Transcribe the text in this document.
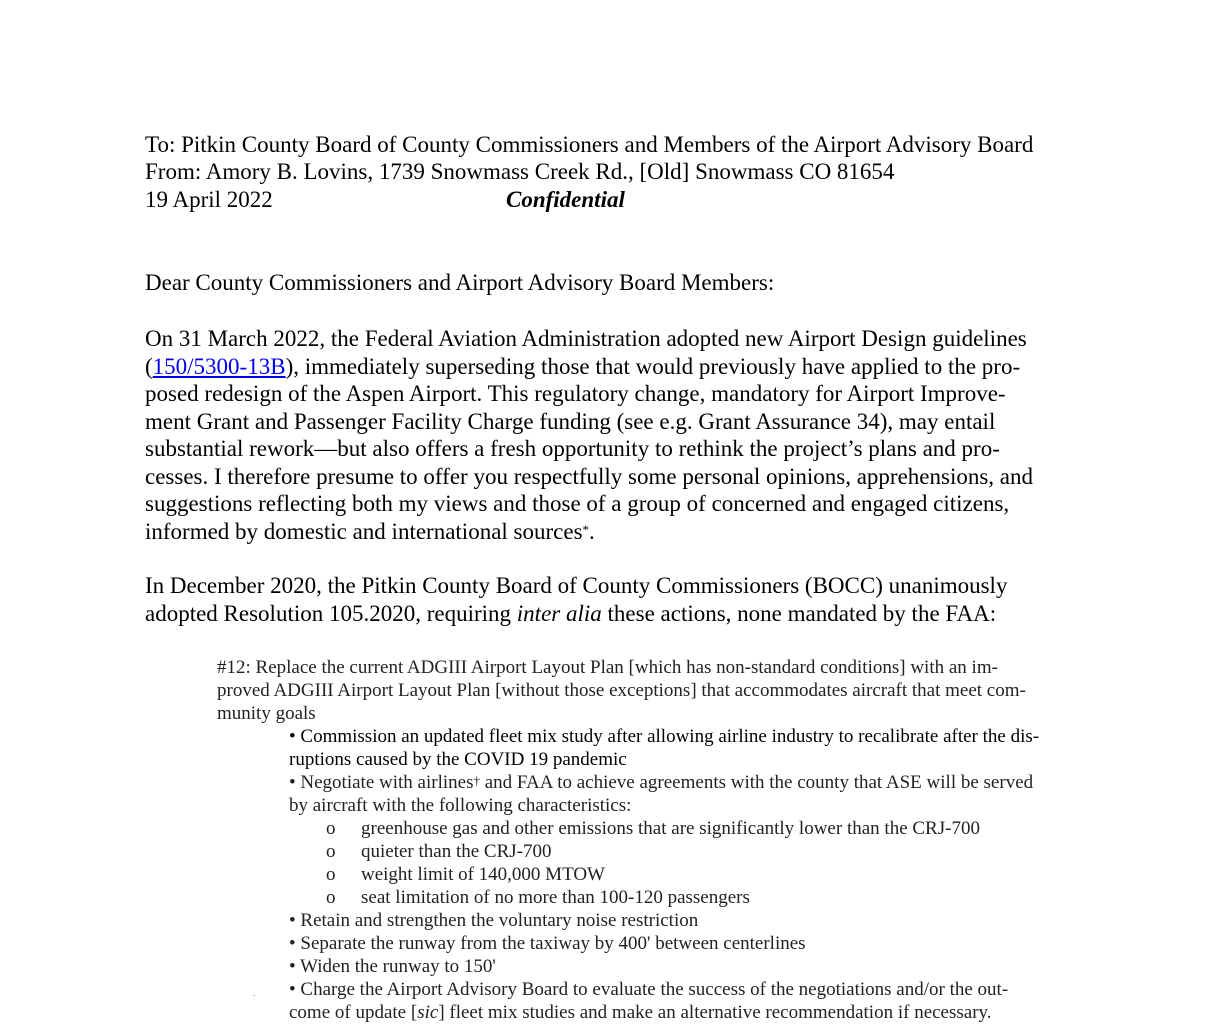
To: Pitkin County Board of County Commissioners and Members of the Airport Advisory Board
From: Amory B. Lovins, 1739 Snowmass Creek Rd., [Old] Snowmass CO 81654
19 April 2022	Confidential
Dear County Commissioners and Airport Advisory Board Members:
On 31 March 2022, the Federal Aviation Administration adopted new Airport Design guidelines
(150/5300-13B), immediately superseding those that would previously have applied to the pro-
posed redesign of the Aspen Airport. This regulatory change, mandatory for Airport Improve-
ment Grant and Passenger Facility Charge funding (see e.g. Grant Assurance 34), may entail
substantial rework—but also offers a fresh opportunity to rethink the project’s plans and pro-
cesses. I therefore presume to offer you respectfully some personal opinions, apprehensions, and
suggestions reflecting both my views and those of a group of concerned and engaged citizens,
informed by domestic and international sources*.
In December 2020, the Pitkin County Board of County Commissioners (BOCC) unanimously
adopted Resolution 105.2020, requiring inter alia these actions, none mandated by the FAA:
#12: Replace the current ADGIII Airport Layout Plan [which has non-standard conditions] with an im-
proved ADGIII Airport Layout Plan [without those exceptions] that accommodates aircraft that meet com-
munity goals
• Commission an updated fleet mix study after allowing airline industry to recalibrate after the dis-
ruptions caused by the COVID 19 pandemic
• Negotiate with airlines† and FAA to achieve agreements with the county that ASE will be served
by aircraft with the following characteristics:
o greenhouse gas and other emissions that are significantly lower than the CRJ-700
o quieter than the CRJ-700
o weight limit of 140,000 MTOW
o seat limitation of no more than 100-120 passengers
• Retain and strengthen the voluntary noise restriction
• Separate the runway from the taxiway by 400' between centerlines
• Widen the runway to 150'
. • Charge the Airport Advisory Board to evaluate the success of the negotiations and/or the out-
come of update [sic] fleet mix studies and make an alternative recommendation if necessary.
